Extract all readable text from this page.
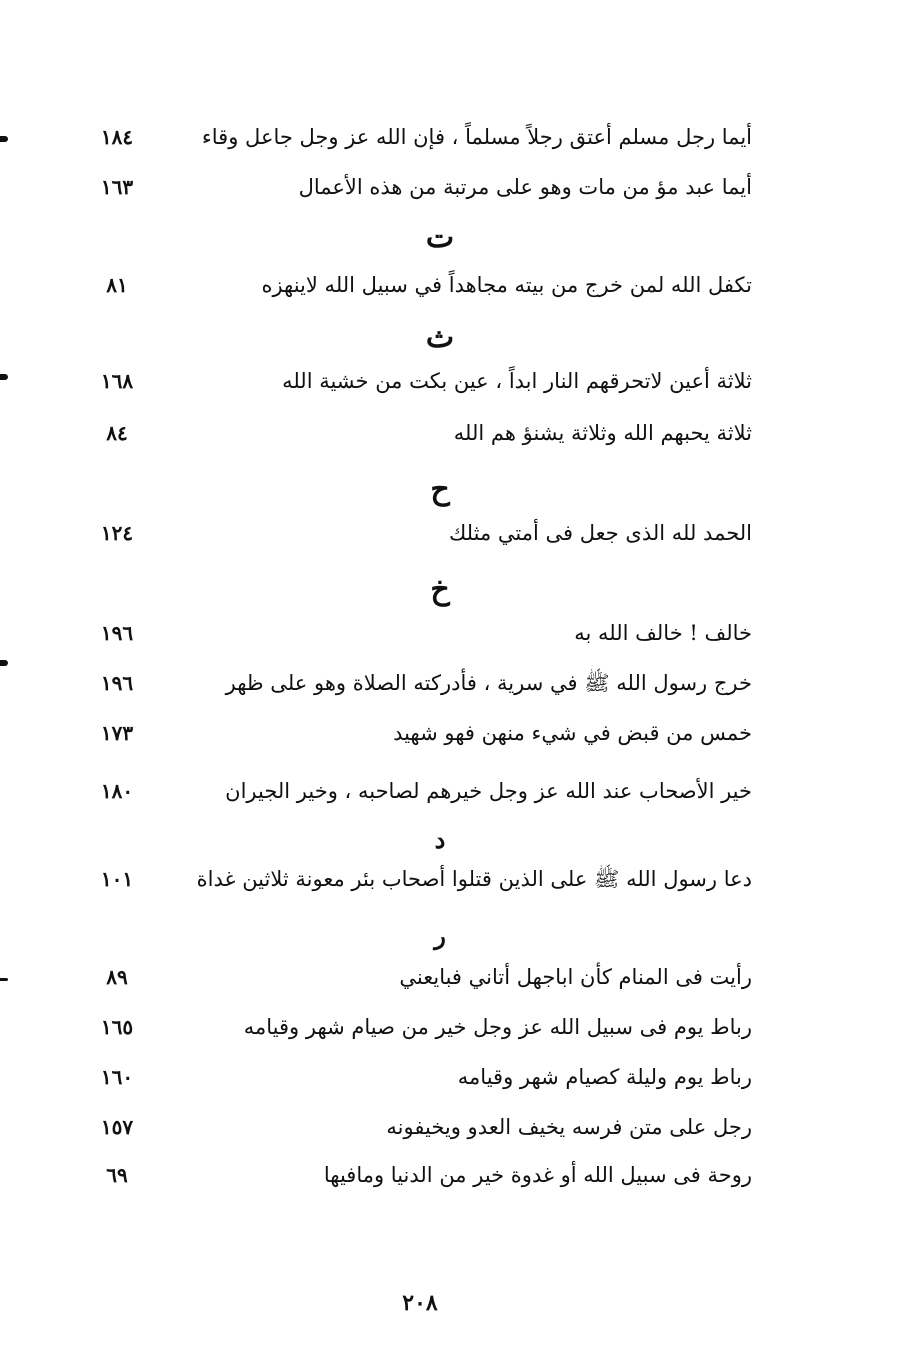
أيما رجل مسلم أعتق رجلاً مسلماً ، فإن الله عز وجل جاعل وقاء
١٨٤
أيما عبد مؤ من مات وهو على مرتبة من هذه الأعمال
١٦٣
ت
تكفل الله لمن خرج من بيته مجاهداً في سبيل الله لاينهزه
٨١
ث
ثلاثة أعين لاتحرقهم النار ابداً ، عين بكت من خشية الله
١٦٨
ثلاثة يحبهم الله وثلاثة يشنؤ هم الله
٨٤
ح
الحمد لله الذى جعل فى أمتي مثلك
١٢٤
خ
خالف ! خالف الله به
١٩٦
خرج رسول الله ﷺ في سرية ، فأدركته الصلاة وهو على ظهر
١٩٦
خمس من قبض في شيء منهن فهو شهيد
١٧٣
خير الأصحاب عند الله عز وجل خيرهم لصاحبه ، وخير الجيران
١٨٠
د
دعا رسول الله ﷺ على الذين قتلوا أصحاب بئر معونة ثلاثين غداة
١٠١
ر
رأيت فى المنام كأن اباجهل أتاني فبايعني
٨٩
رباط يوم فى سبيل الله عز وجل خير من صيام شهر وقيامه
١٦٥
رباط يوم وليلة كصيام شهر وقيامه
١٦٠
رجل على متن فرسه يخيف العدو ويخيفونه
١٥٧
روحة فى سبيل الله أو غدوة خير من الدنيا ومافيها
٦٩
٢٠٨
